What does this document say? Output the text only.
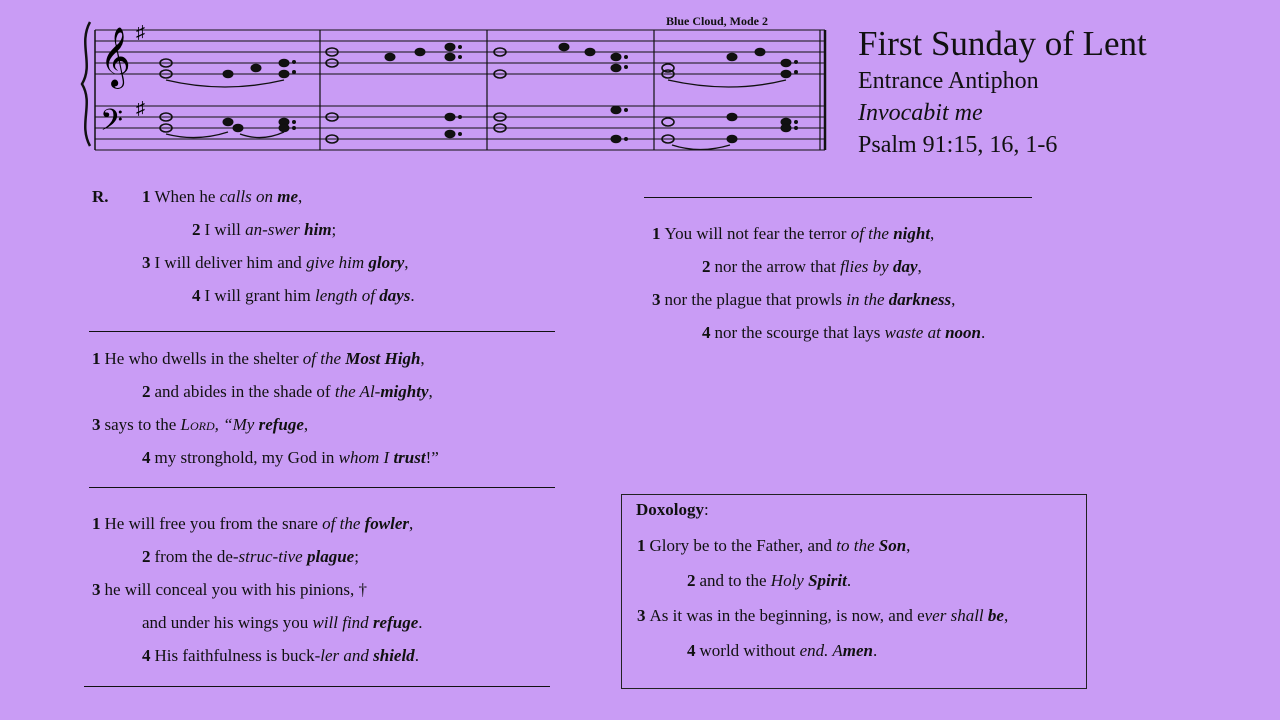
𝄞
𝄢
♯
♯
Blue Cloud, Mode 2
First Sunday of Lent
Entrance Antiphon
Invocabit me
Psalm 91:15, 16, 1-6
R. 1 When he calls on me,
2 I will an-swer him;
3 I will deliver him and give him glory,
4 I will grant him length of days.
1 He who dwells in the shelter of the Most High,
2 and abides in the shade of the Al-mighty,
3 says to the Lord, “My refuge,
4 my stronghold, my God in whom I trust!”
1 He will free you from the snare of the fowler,
2 from the de-struc-tive plague;
3 he will conceal you with his pinions, †
and under his wings you will find refuge.
4 His faithfulness is buck-ler and shield.
1 You will not fear the terror of the night,
2 nor the arrow that flies by day,
3 nor the plague that prowls in the darkness,
4 nor the scourge that lays waste at noon.
Doxology:
1 Glory be to the Father, and to the Son,
2 and to the Holy Spirit.
3 As it was in the beginning, is now, and ever shall be,
4 world without end. Amen.
